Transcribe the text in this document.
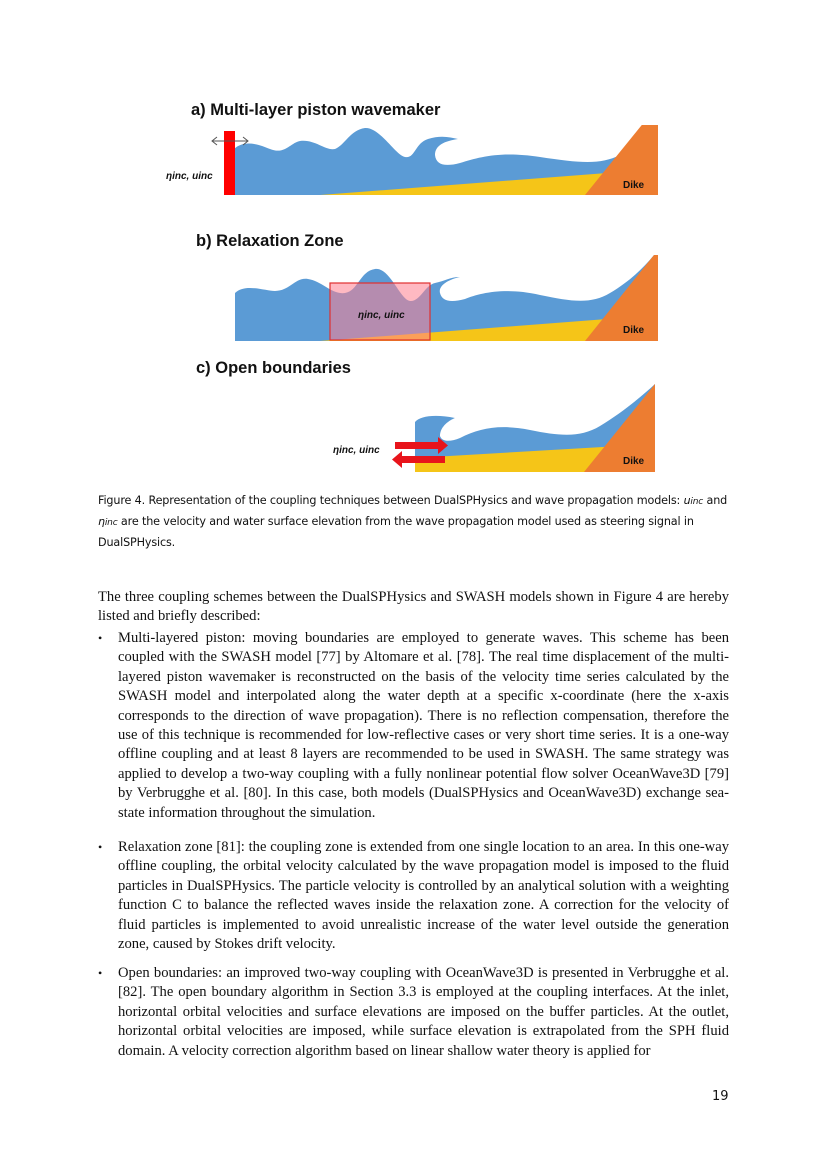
a) Multi-layer piston wavemaker
ηinc, uinc
Dike
b) Relaxation Zone
ηinc, uinc
Dike
c) Open boundaries
ηinc, uinc
Dike
Figure 4. Representation of the coupling techniques between DualSPHysics and wave propagation models: uinc and ηinc are the velocity and water surface elevation from the wave propagation model used as steering signal in DualSPHysics.
The three coupling schemes between the DualSPHysics and SWASH models shown in Figure 4 are hereby listed and briefly described:
•	Multi-layered piston: moving boundaries are employed to generate waves. This scheme has been coupled with the SWASH model [77] by Altomare et al. [78]. The real time displacement of the multi-layered piston wavemaker is reconstructed on the basis of the velocity time series calculated by the SWASH model and interpolated along the water depth at a specific x-coordinate (here the x-axis corresponds to the direction of wave propagation). There is no reflection compensation, therefore the use of this technique is recommended for low-reflective cases or very short time series. It is a one-way offline coupling and at least 8 layers are recommended to be used in SWASH. The same strategy was applied to develop a two-way coupling with a fully nonlinear potential flow solver OceanWave3D [79] by Verbrugghe et al. [80]. In this case, both models (DualSPHysics and OceanWave3D) exchange sea-state information throughout the simulation.
•	Relaxation zone [81]: the coupling zone is extended from one single location to an area. In this one-way offline coupling, the orbital velocity calculated by the wave propagation model is imposed to the fluid particles in DualSPHysics. The particle velocity is controlled by an analytical solution with a weighting function C to balance the reflected waves inside the relaxation zone. A correction for the velocity of fluid particles is implemented to avoid unrealistic increase of the water level outside the generation zone, caused by Stokes drift velocity.
•	Open boundaries: an improved two-way coupling with OceanWave3D is presented in Verbrugghe et al. [82]. The open boundary algorithm in Section 3.3 is employed at the coupling interfaces. At the inlet, horizontal orbital velocities and surface elevations are imposed on the buffer particles. At the outlet, horizontal orbital velocities are imposed, while surface elevation is extrapolated from the SPH fluid domain. A velocity correction algorithm based on linear shallow water theory is applied for
19
